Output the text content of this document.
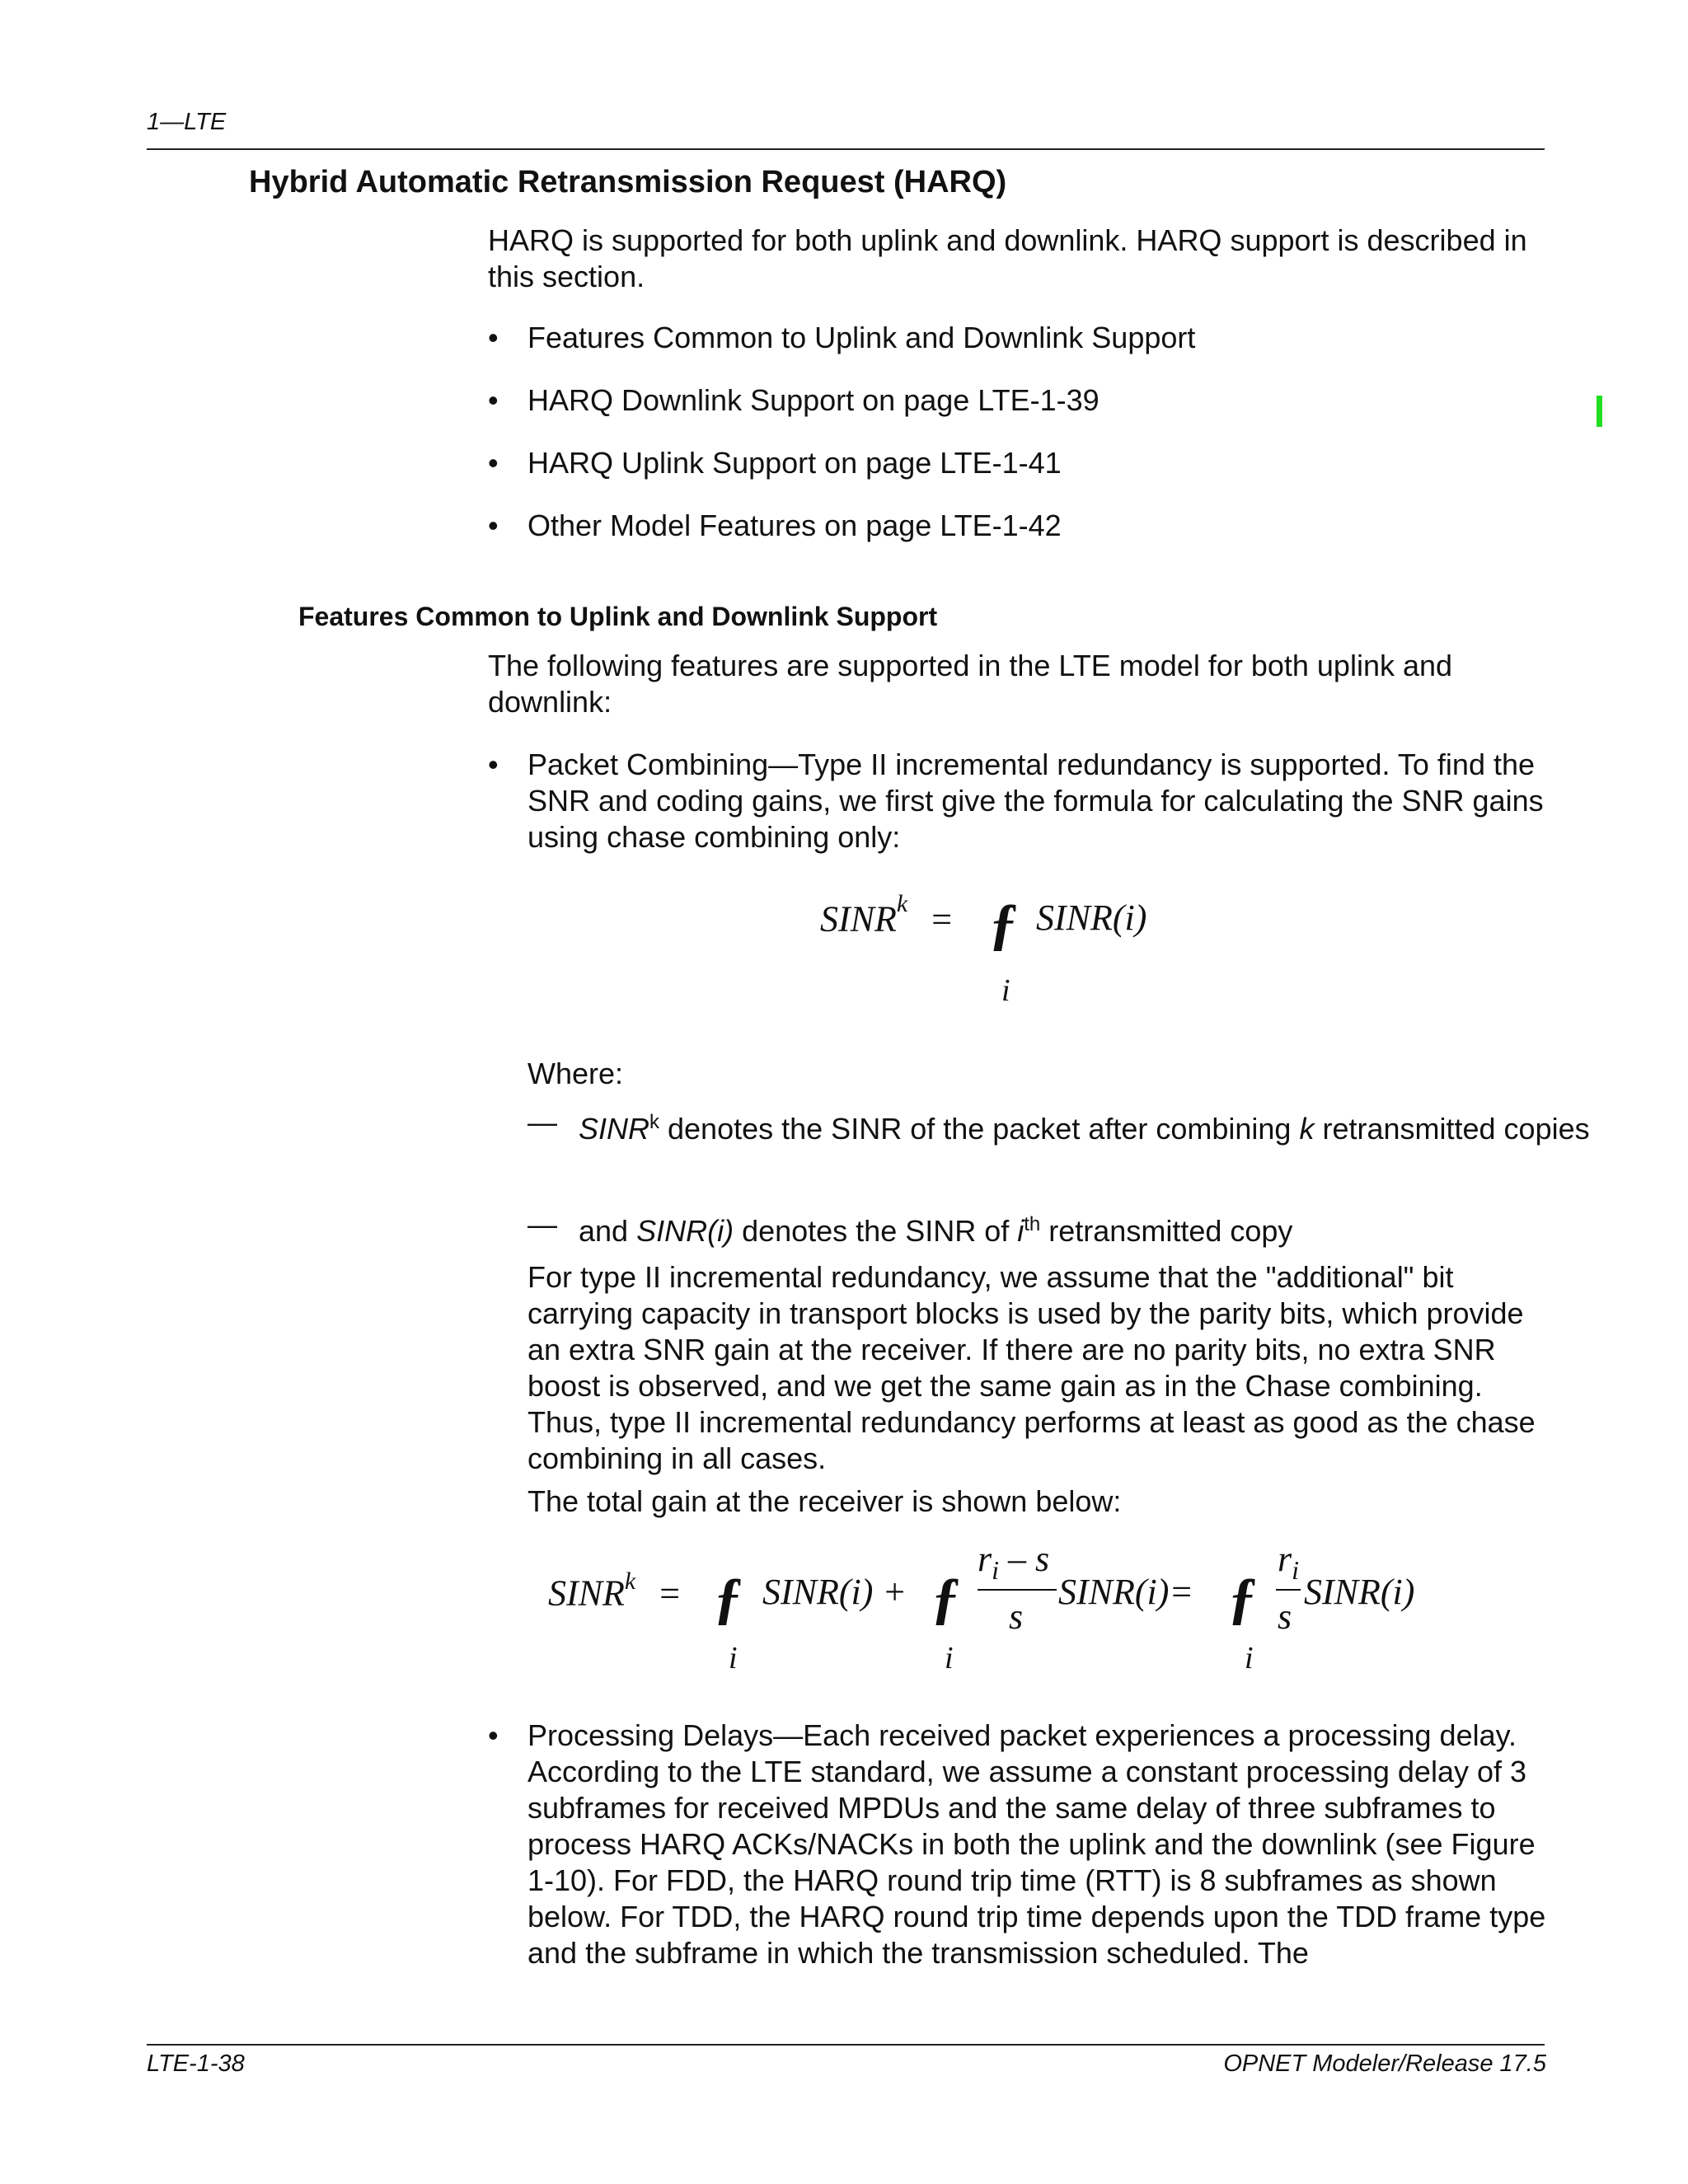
1—LTE
Hybrid Automatic Retransmission Request (HARQ)

HARQ is supported for both uplink and downlink. HARQ support is described in this section.

• Features Common to Uplink and Downlink Support
• HARQ Downlink Support on page LTE-1-39
• HARQ Uplink Support on page LTE-1-41
• Other Model Features on page LTE-1-42
Features Common to Uplink and Downlink Support

The following features are supported in the LTE model for both uplink and downlink:

• Packet Combining—Type II incremental redundancy is supported. To find the SNR and coding gains, we first give the formula for calculating the SNR gains using chase combining only:
$SINR^k$ = ƒ SINR(i)
i
Where:
— SINR$^k$ denotes the SINR of the packet after combining k retransmitted copies
— and SINR(i) denotes the SINR of $i^{th}$ retransmitted copy

For type II incremental redundancy, we assume that the "additional" bit carrying capacity in transport blocks is used by the parity bits, which provide an extra SNR gain at the receiver. If there are no parity bits, no extra SNR boost is observed, and we get the same gain as in the Chase combining. Thus, type II incremental redundancy performs at least as good as the chase combining in all cases.

The total gain at the receiver is shown below:

$SINR^k$ = ƒ
i
SINR(i) + ƒ
i
$r_i$ – s
s
SINR(i)= ƒ
i
$r_i$
s
SINR(i)
• Processing Delays—Each received packet experiences a processing delay. According to the LTE standard, we assume a constant processing delay of 3 subframes for received MPDUs and the same delay of three subframes to process HARQ ACKs/NACKs in both the uplink and the downlink (see Figure 1-10). For FDD, the HARQ round trip time (RTT) is 8 subframes as shown below. For TDD, the HARQ round trip time depends upon the TDD frame type and the subframe in which the transmission scheduled. The
LTE-1-38	OPNET Modeler/Release 17.5
